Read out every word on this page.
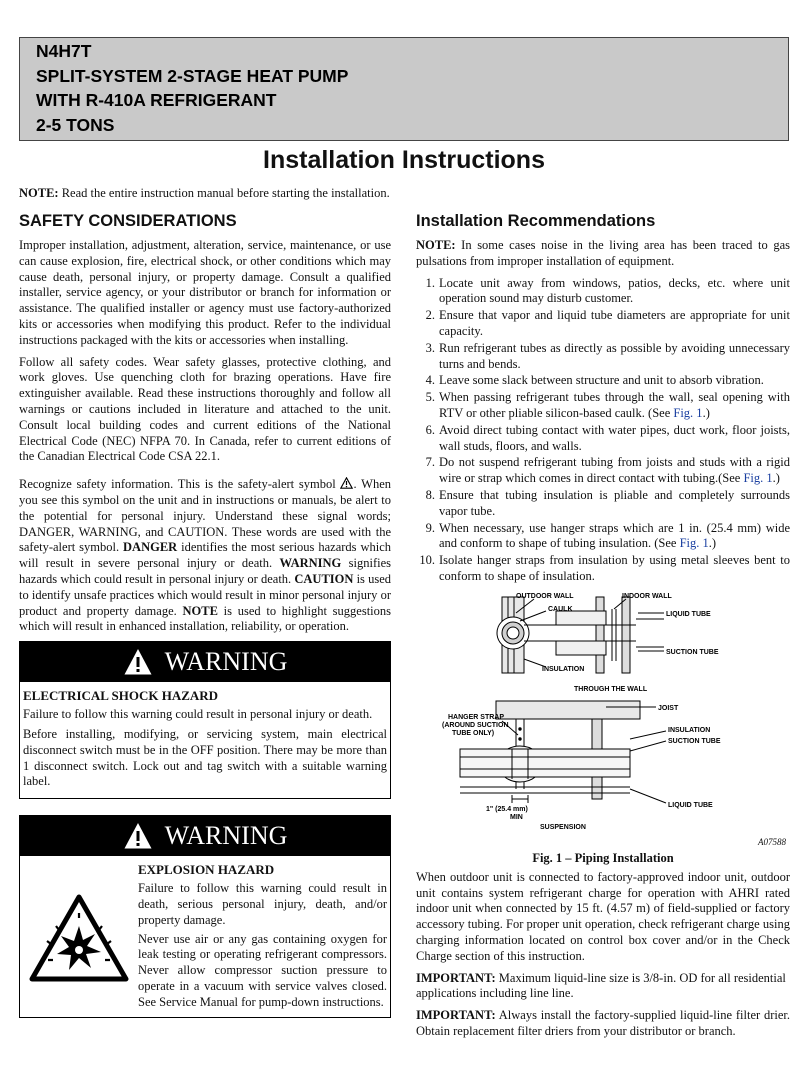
N4H7T
SPLIT-SYSTEM 2-STAGE HEAT PUMP
WITH R-410A REFRIGERANT
2-5 TONS
Installation Instructions
NOTE: Read the entire instruction manual before starting the installation.
SAFETY CONSIDERATIONS

Improper installation, adjustment, alteration, service, maintenance, or use can cause explosion, fire, electrical shock, or other conditions which may cause death, personal injury, or property damage. Consult a qualified installer, service agency, or your distributor or branch for information or assistance. The qualified installer or agency must use factory-authorized kits or accessories when modifying this product. Refer to the individual instructions packaged with the kits or accessories when installing.

Follow all safety codes. Wear safety glasses, protective clothing, and work gloves. Use quenching cloth for brazing operations. Have fire extinguisher available. Read these instructions thoroughly and follow all warnings or cautions included in literature and attached to the unit. Consult local building codes and current editions of the National Electrical Code (NEC) NFPA 70. In Canada, refer to current editions of the Canadian Electrical Code CSA 22.1.

Recognize safety information. This is the safety-alert symbol . When you see this symbol on the unit and in instructions or manuals, be alert to the potential for personal injury. Understand these signal words; DANGER, WARNING, and CAUTION. These words are used with the safety-alert symbol. DANGER identifies the most serious hazards which will result in severe personal injury or death. WARNING signifies hazards which could result in personal injury or death. CAUTION is used to identify unsafe practices which would result in minor personal injury or product and property damage. NOTE is used to highlight suggestions which will result in enhanced installation, reliability, or operation.

WARNING
ELECTRICAL SHOCK HAZARD

Failure to follow this warning could result in personal injury or death.

Before installing, modifying, or servicing system, main electrical disconnect switch must be in the OFF position. There may be more than 1 disconnect switch. Lock out and tag switch with a suitable warning label.

WARNING
EXPLOSION HAZARD

Failure to follow this warning could result in death, serious personal injury, death, and/or property damage.

Never use air or any gas containing oxygen for leak testing or operating refrigerant compressors. Never allow compressor suction pressure to operate in a vacuum with service valves closed. See Service Manual for pump-down instructions.

Installation Recommendations

NOTE: In some cases noise in the living area has been traced to gas pulsations from improper installation of equipment.

1. Locate unit away from windows, patios, decks, etc. where unit operation sound may disturb customer.
2. Ensure that vapor and liquid tube diameters are appropriate for unit capacity.
3. Run refrigerant tubes as directly as possible by avoiding unnecessary turns and bends.
4. Leave some slack between structure and unit to absorb vibration.
5. When passing refrigerant tubes through the wall, seal opening with RTV or other pliable silicon-based caulk. (See Fig. 1.)
6. Avoid direct tubing contact with water pipes, duct work, floor joists, wall studs, floors, and walls.
7. Do not suspend refrigerant tubing from joists and studs with a rigid wire or strap which comes in direct contact with tubing.(See Fig. 1.)
8. Ensure that tubing insulation is pliable and completely surrounds vapor tube.
9. When necessary, use hanger straps which are 1 in. (25.4 mm) wide and conform to shape of tubing insulation. (See Fig. 1.)
10. Isolate hanger straps from insulation by using metal sleeves bent to conform to shape of insulation.
OUTDOOR WALL	INDOOR WALL
CAULK
LIQUID TUBE
SUCTION TUBE
INSULATION
THROUGH THE WALL
JOIST
HANGER STRAP
(AROUND SUCTION
TUBE ONLY)	INSULATION
SUCTION TUBE
1" (25.4 mm)
MIN
LIQUID TUBE
SUSPENSION
A07588
Fig. 1 – Piping Installation

When outdoor unit is connected to factory-approved indoor unit, outdoor unit contains system refrigerant charge for operation with AHRI rated indoor unit when connected by 15 ft. (4.57 m) of field-supplied or factory accessory tubing. For proper unit operation, check refrigerant charge using charging information located on control box cover and/or in the Check Charge section of this instruction.

IMPORTANT: Maximum liquid-line size is 3/8-in. OD for all residential applications including line line.

IMPORTANT: Always install the factory-supplied liquid-line filter drier. Obtain replacement filter driers from your distributor or branch.
